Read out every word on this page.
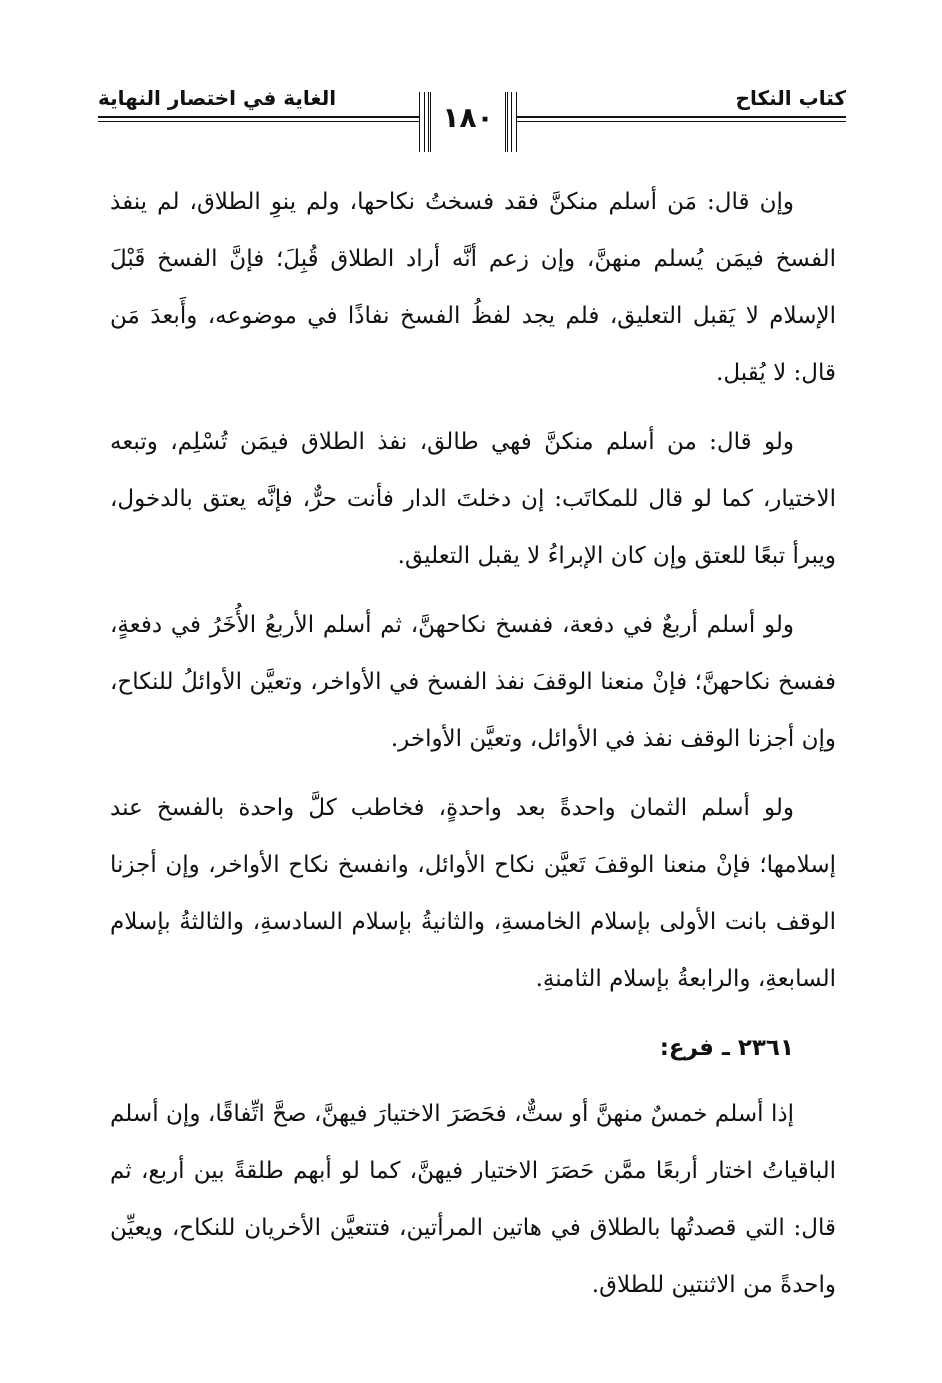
كتاب النكاح
الغاية في اختصار النهاية
١٨٠

وإن قال: مَن أسلم منكنَّ فقد فسختُ نكاحها، ولم ينوِ الطلاق، لم ينفذ الفسخ فيمَن يُسلم منهنَّ، وإن زعم أنَّه أراد الطلاق قُبِلَ؛ فإنَّ الفسخ قَبْلَ الإسلام لا يَقبل التعليق، فلم يجد لفظُ الفسخ نفاذًا في موضوعه، وأَبعدَ مَن قال: لا يُقبل.

ولو قال: من أسلم منكنَّ فهي طالق، نفذ الطلاق فيمَن تُسْلِم، وتبعه الاختيار، كما لو قال للمكاتَب: إن دخلتَ الدار فأنت حرٌّ، فإنَّه يعتق بالدخول، ويبرأ تبعًا للعتق وإن كان الإبراءُ لا يقبل التعليق.

ولو أسلم أربعٌ في دفعة، ففسخ نكاحهنَّ، ثم أسلم الأربعُ الأُخَرُ في دفعةٍ، ففسخ نكاحهنَّ؛ فإنْ منعنا الوقفَ نفذ الفسخ في الأواخر، وتعيَّن الأوائلُ للنكاح، وإن أجزنا الوقف نفذ في الأوائل، وتعيَّن الأواخر.

ولو أسلم الثمان واحدةً بعد واحدةٍ، فخاطب كلَّ واحدة بالفسخ عند إسلامها؛ فإنْ منعنا الوقفَ تَعيَّن نكاح الأوائل، وانفسخ نكاح الأواخر، وإن أجزنا الوقف بانت الأولى بإسلام الخامسةِ، والثانيةُ بإسلام السادسةِ، والثالثةُ بإسلام السابعةِ، والرابعةُ بإسلام الثامنةِ.

٢٣٦١ ـ فرع:

إذا أسلم خمسٌ منهنَّ أو ستٌّ، فحَصَرَ الاختيارَ فيهنَّ، صحَّ اتِّفاقًا، وإن أسلم الباقياتُ اختار أربعًا ممَّن حَصَرَ الاختيار فيهنَّ، كما لو أبهم طلقةً بين أربع، ثم قال: التي قصدتُها بالطلاق في هاتين المرأتين، فتتعيَّن الأخريان للنكاح، ويعيِّن واحدةً من الاثنتين للطلاق.
